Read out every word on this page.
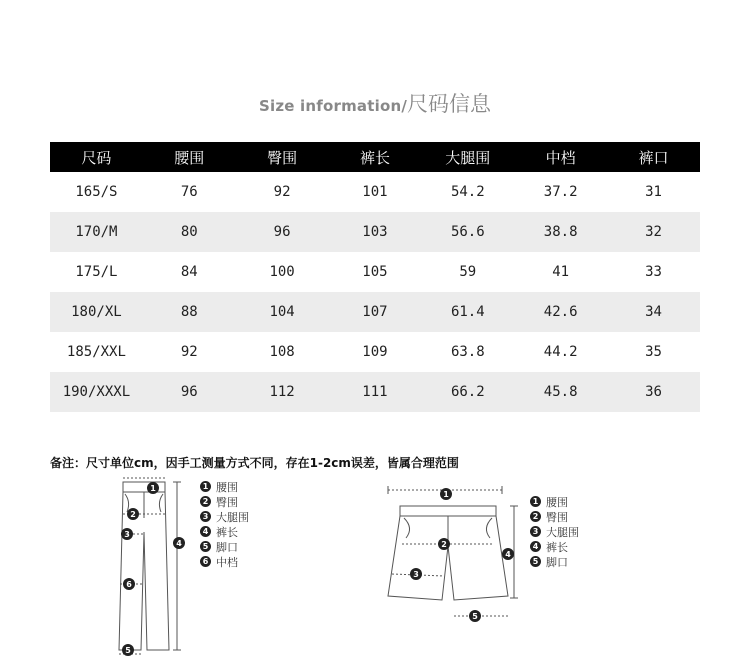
Size information/尺码信息
尺码	腰围	臀围	裤长	大腿围	中档	裤口
165/S	76	92	101	54.2	37.2	31
170/M	80	96	103	56.6	38.8	32
175/L	84	100	105	59	41	33
180/XL	88	104	107	61.4	42.6	34
185/XXL	92	108	109	63.8	44.2	35
190/XXXL	96	112	111	66.2	45.8	36
备注：尺寸单位cm，因手工测量方式不同，存在1-2cm误差，皆属合理范围
1
2
3
4
5
6
1 腰围
2 臀围
3 大腿围
4 裤长
5 脚口
6 中档
1
2
3
4
5
1 腰围
2 臀围
3 大腿围
4 裤长
5 脚口
